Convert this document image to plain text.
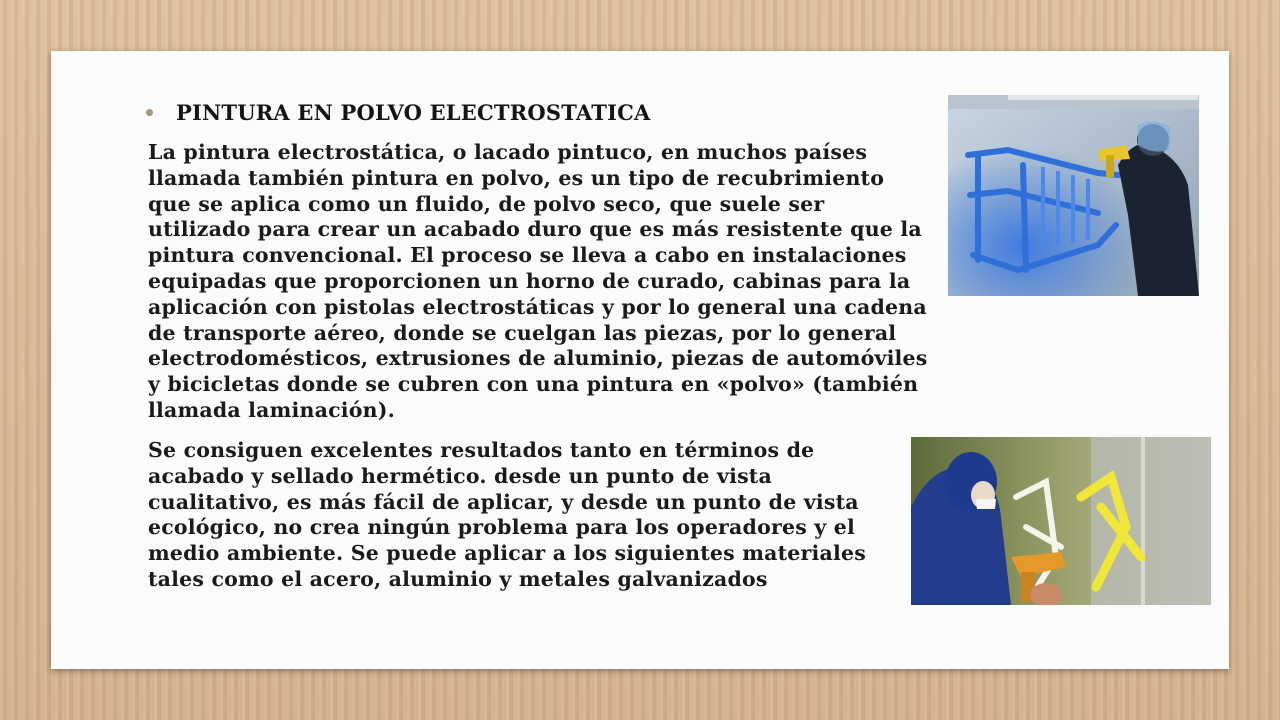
PINTURA EN POLVO ELECTROSTATICA

La pintura electrostática, o lacado pintuco, en muchos países llamada también pintura en polvo, es un tipo de recubrimiento que se aplica como un fluido, de polvo seco, que suele ser utilizado para crear un acabado duro que es más resistente que la pintura convencional. El proceso se lleva a cabo en instalaciones equipadas que proporcionen un horno de curado, cabinas para la aplicación con pistolas electrostáticas y por lo general una cadena de transporte aéreo, donde se cuelgan las piezas, por lo general electrodomésticos, extrusiones de aluminio, piezas de automóviles y bicicletas donde se cubren con una pintura en «polvo» (también llamada laminación).

Se consiguen excelentes resultados tanto en términos de acabado y sellado hermético. desde un punto de vista cualitativo, es más fácil de aplicar, y desde un punto de vista ecológico, no crea ningún problema para los operadores y el medio ambiente. Se puede aplicar a los siguientes materiales tales como el acero, aluminio y metales galvanizados
